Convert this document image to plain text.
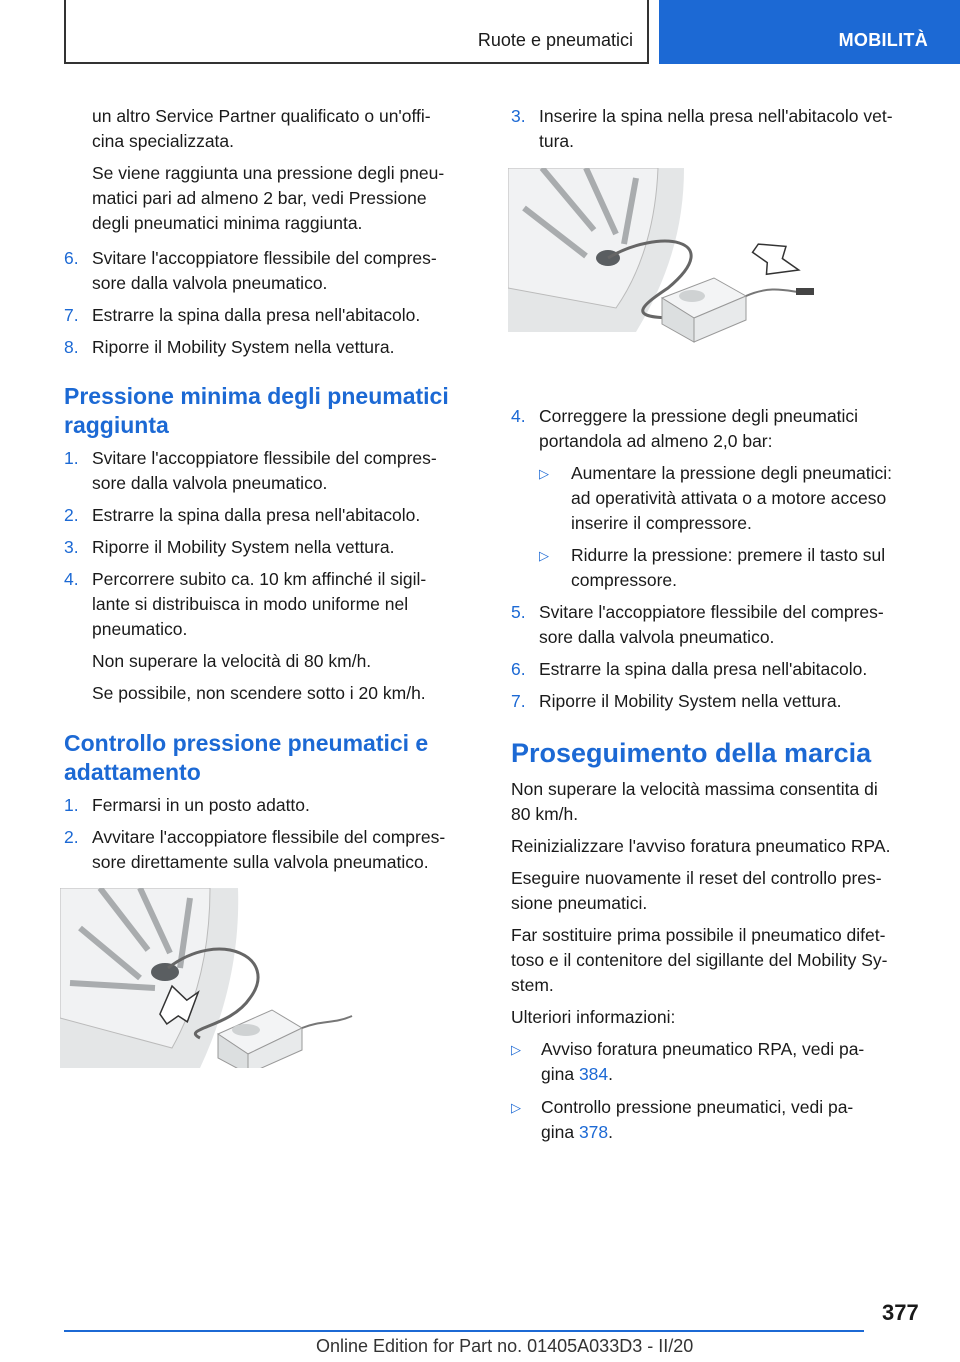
Ruote e pneumatici	MOBILITÀ

un altro Service Partner qualificato o un'offi-

cina specializzata.

Se viene raggiunta una pressione degli pneu-

matici pari ad almeno 2 bar, vedi Pressione

degli pneumatici minima raggiunta.

6. Svitare l'accoppiatore flessibile del compres-
sore dalla valvola pneumatico.
7. Estrarre la spina dalla presa nell'abitacolo.
8. Riporre il Mobility System nella vettura.
Pressione minima degli pneumatici
raggiunta
1. Svitare l'accoppiatore flessibile del compres-
sore dalla valvola pneumatico.
2. Estrarre la spina dalla presa nell'abitacolo.
3. Riporre il Mobility System nella vettura.
4. Percorrere subito ca. 10 km affinché il sigil-
lante si distribuisca in modo uniforme nel
pneumatico.
Non superare la velocità di 80 km/h.
Se possibile, non scendere sotto i 20 km/h.
Controllo pressione pneumatici e
adattamento
1. Fermarsi in un posto adatto.
2. Avvitare l'accoppiatore flessibile del compres-
sore direttamente sulla valvola pneumatico.
3. Inserire la spina nella presa nell'abitacolo vet-
tura.
4. Correggere la pressione degli pneumatici
portandola ad almeno 2,0 bar:
▷ Aumentare la pressione degli pneumatici:

ad operatività attivata o a motore acceso

inserire il compressore.

▷ Ridurre la pressione: premere il tasto sul

compressore.

5. Svitare l'accoppiatore flessibile del compres-
sore dalla valvola pneumatico.
6. Estrarre la spina dalla presa nell'abitacolo.
7. Riporre il Mobility System nella vettura.
Proseguimento della marcia

Non superare la velocità massima consentita di

80 km/h.

Reinizializzare l'avviso foratura pneumatico RPA.

Eseguire nuovamente il reset del controllo pres-

sione pneumatici.

Far sostituire prima possibile il pneumatico difet-

toso e il contenitore del sigillante del Mobility Sy-

stem.

Ulteriori informazioni:

▷ Avviso foratura pneumatico RPA, vedi pa-

gina 384.

▷ Controllo pressione pneumatici, vedi pa-

gina 378.

377
Online Edition for Part no. 01405A033D3 - II/20
